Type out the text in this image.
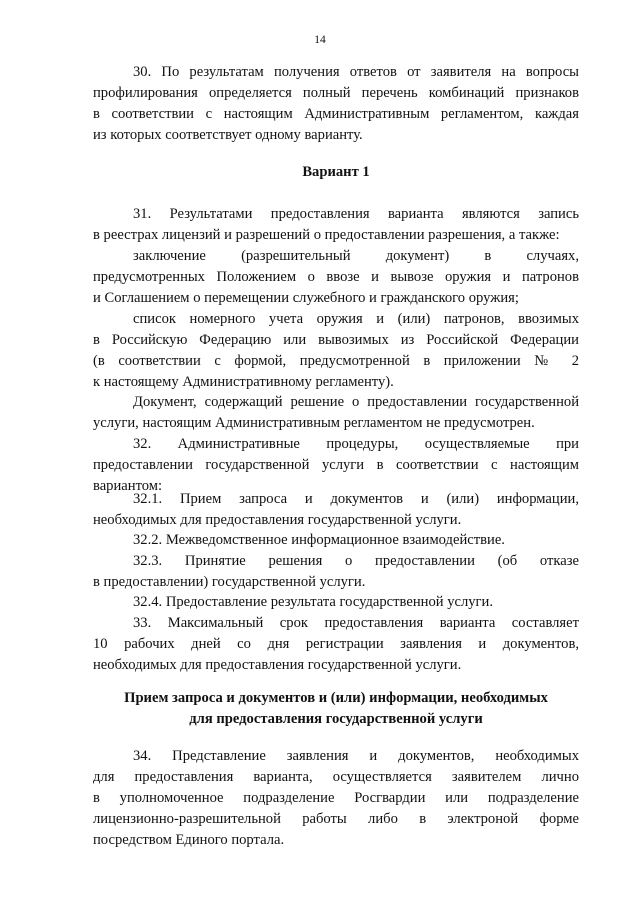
14
30. По результатам получения ответов от заявителя на вопросы
профилирования определяется полный перечень комбинаций признаков
в соответствии с настоящим Административным регламентом, каждая
из которых соответствует одному варианту.
Вариант 1
31. Результатами предоставления варианта являются запись
в реестрах лицензий и разрешений о предоставлении разрешения, а также:
заключение (разрешительный документ) в случаях,
предусмотренных Положением о ввозе и вывозе оружия и патронов
и Соглашением о перемещении служебного и гражданского оружия;
список номерного учета оружия и (или) патронов, ввозимых
в Российскую Федерацию или вывозимых из Российской Федерации
(в соответствии с формой, предусмотренной в приложении № 2
к настоящему Административному регламенту).
Документ, содержащий решение о предоставлении государственной
услуги, настоящим Административным регламентом не предусмотрен.
32. Административные процедуры, осуществляемые при
предоставлении государственной услуги в соответствии с настоящим
вариантом:
32.1. Прием запроса и документов и (или) информации,
необходимых для предоставления государственной услуги.
32.2. Межведомственное информационное взаимодействие.
32.3. Принятие решения о предоставлении (об отказе
в предоставлении) государственной услуги.
32.4. Предоставление результата государственной услуги.
33. Максимальный срок предоставления варианта составляет
10 рабочих дней со дня регистрации заявления и документов,
необходимых для предоставления государственной услуги.
Прием запроса и документов и (или) информации, необходимых
для предоставления государственной услуги
34. Представление заявления и документов, необходимых
для предоставления варианта, осуществляется заявителем лично
в уполномоченное подразделение Росгвардии или подразделение
лицензионно-разрешительной работы либо в электроной форме
посредством Единого портала.
